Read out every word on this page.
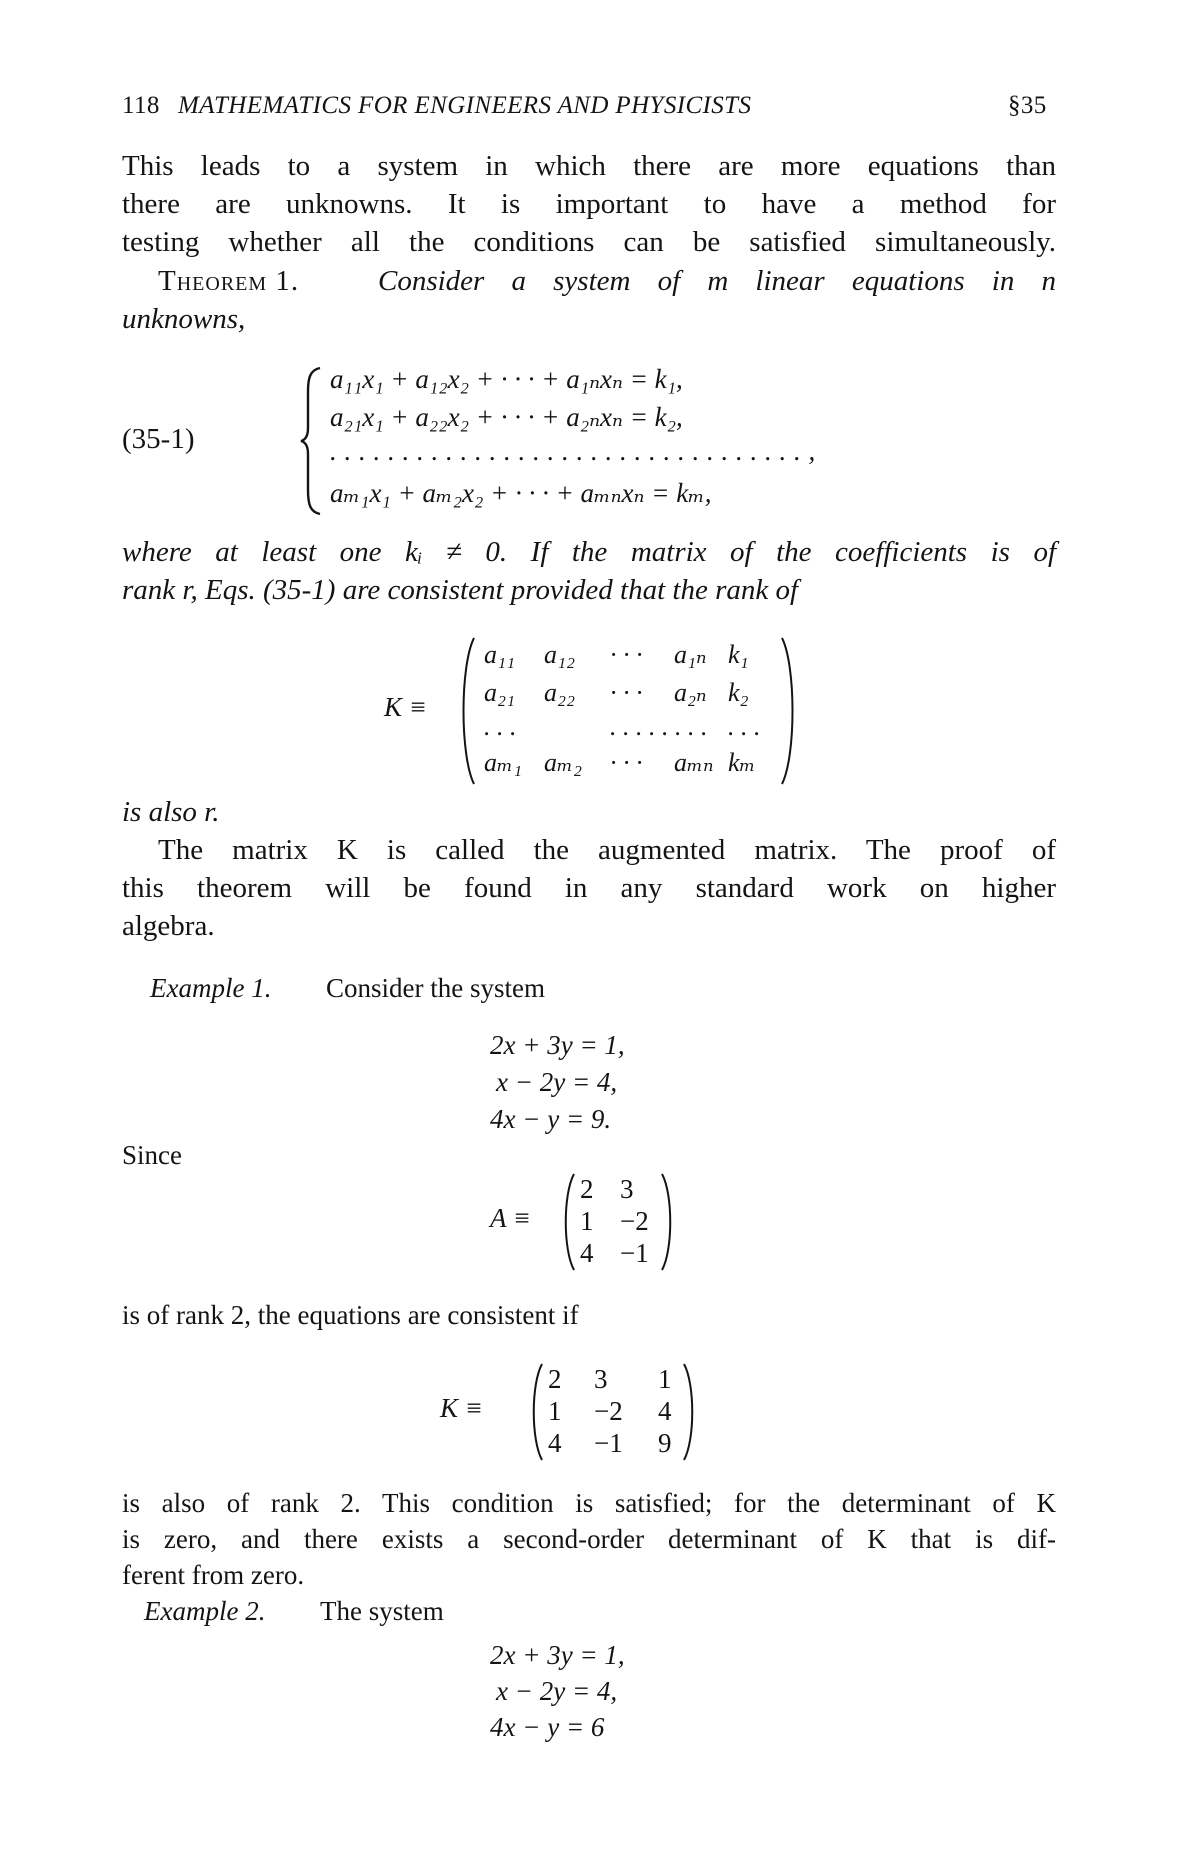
118 MATHEMATICS FOR ENGINEERS AND PHYSICISTS	§35
This leads to a system in which there are more equations than
there are unknowns. It is important to have a method for
testing whether all the conditions can be satisfied simultaneously.
Theorem 1.	Consider a system of m linear equations in n
unknowns,
(35-1)
a₁₁x₁ + a₁₂x₂ + · · · + a₁ₙxₙ = k₁,
a₂₁x₁ + a₂₂x₂ + · · · + a₂ₙxₙ = k₂,
. . . . . . . . . . . . . . . . . . . . . . . . . . . . . . . . . ,
aₘ₁x₁ + aₘ₂x₂ + · · · + aₘₙxₙ = kₘ,
where at least one kᵢ ≠ 0. If the matrix of the coefficients is of
rank r, Eqs. (35-1) are consistent provided that the rank of
K ≡
a₁₁ a₁₂ · · · a₁ₙ k₁
a₂₁ a₂₂ · · · a₂ₙ k₂
. . .	. . . . . . . . . . .
aₘ₁ aₘ₂ · · · aₘₙ kₘ
is also r.
The matrix K is called the augmented matrix. The proof of
this theorem will be found in any standard work on higher
algebra.
Example 1. Consider the system
2x + 3y = 1,
x − 2y = 4,
4x − y = 9.
Since
A ≡
2 3
1 −2
4 −1
is of rank 2, the equations are consistent if
K ≡
2 3 1
1 −2 4
4 −1 9
is also of rank 2. This condition is satisfied; for the determinant of K
is zero, and there exists a second-order determinant of K that is dif-
ferent from zero.
Example 2. The system
2x + 3y = 1,
x − 2y = 4,
4x − y = 6
